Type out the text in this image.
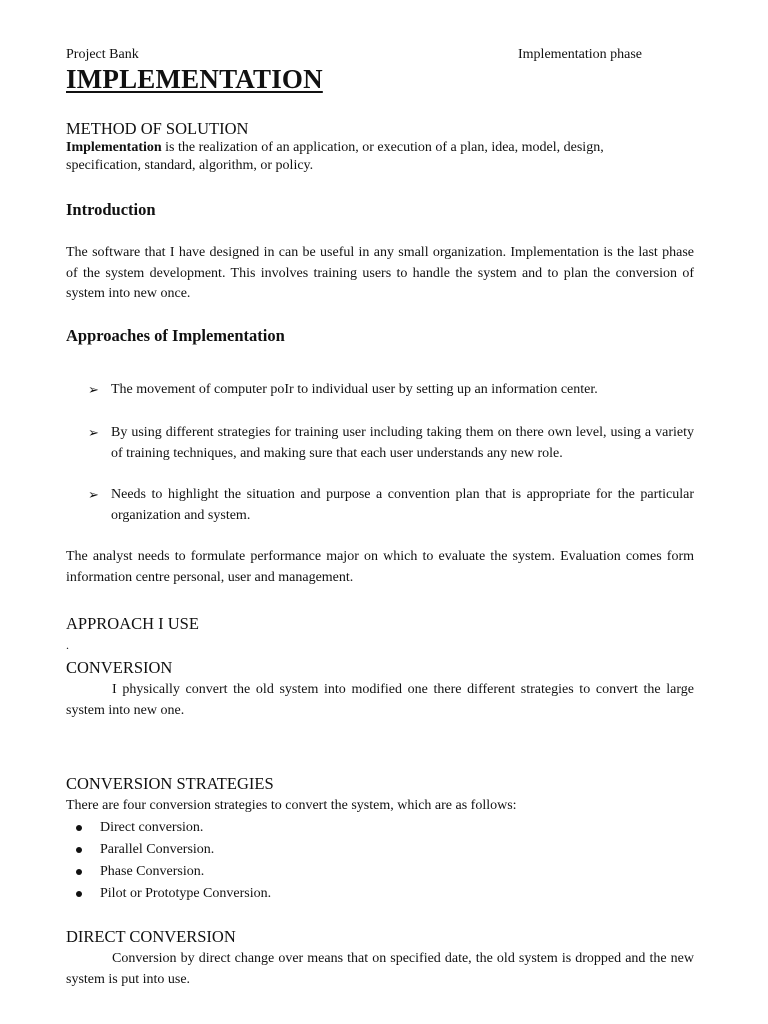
Project Bank	Implementation phase
IMPLEMENTATION
METHOD OF SOLUTION
Implementation is the realization of an application, or execution of a plan, idea, model, design,
specification, standard, algorithm, or policy.
Introduction
The software that I have designed in can be useful in any small organization. Implementation is the last phase of the system development. This involves training users to handle the system and to plan the conversion of system into new once.
Approaches of Implementation
➢ The movement of computer poIr to individual user by setting up an information center.
➢ By using different strategies for training user including taking them on there own level, using a variety of training techniques, and making sure that each user understands any new role.
➢ Needs to highlight the situation and purpose a convention plan that is appropriate for the particular organization and system.
The analyst needs to formulate performance major on which to evaluate the system. Evaluation comes form information centre personal, user and management.
APPROACH I USE
.
CONVERSION
I physically convert the old system into modified one there different strategies to convert the large system into new one.
CONVERSION STRATEGIES
There are four conversion strategies to convert the system, which are as follows:
Direct conversion.
Parallel Conversion.
Phase Conversion.
Pilot or Prototype Conversion.
DIRECT CONVERSION
Conversion by direct change over means that on specified date, the old system is dropped and the new system is put into use.
